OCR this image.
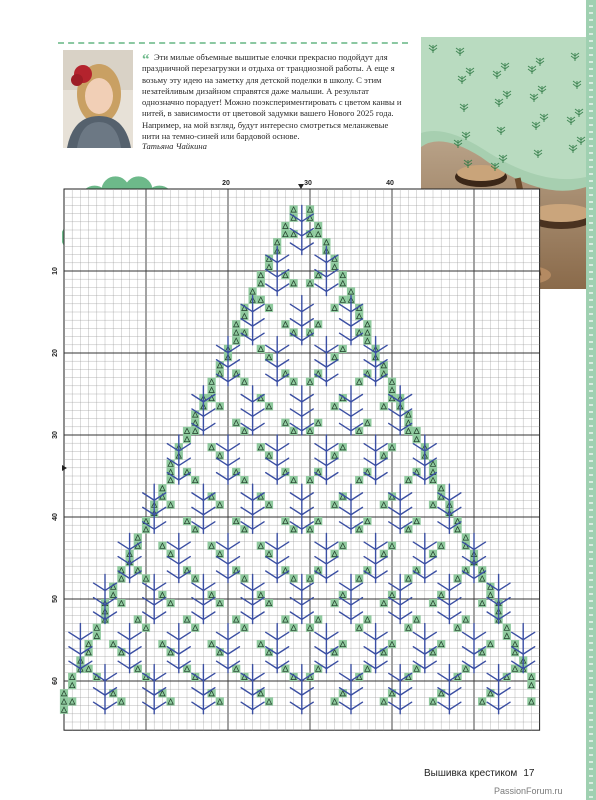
“ Эти милые объемные вышитые елочки прекрасно подойдут для праздничной перезагрузки и отдыха от трандиозной работы. А еще я возьму эту идею на заметку для детской поделки в школу. С этим незатейливым дизайном справятся даже малыши. А результат однозначно порадует! Можно поэкспериментировать с цветом канвы и нитей, в зависимости от цветовой задумки вашего Нового 2025 года. Например, на мой взгляд, будут интересно смотреться меланжевые нити на темно-синей или бардовой основе.
Татьяна Чайкина
20	30	40
10
20
30
40
50
60
Вышивка крестиком 17
PassionForum.ru
